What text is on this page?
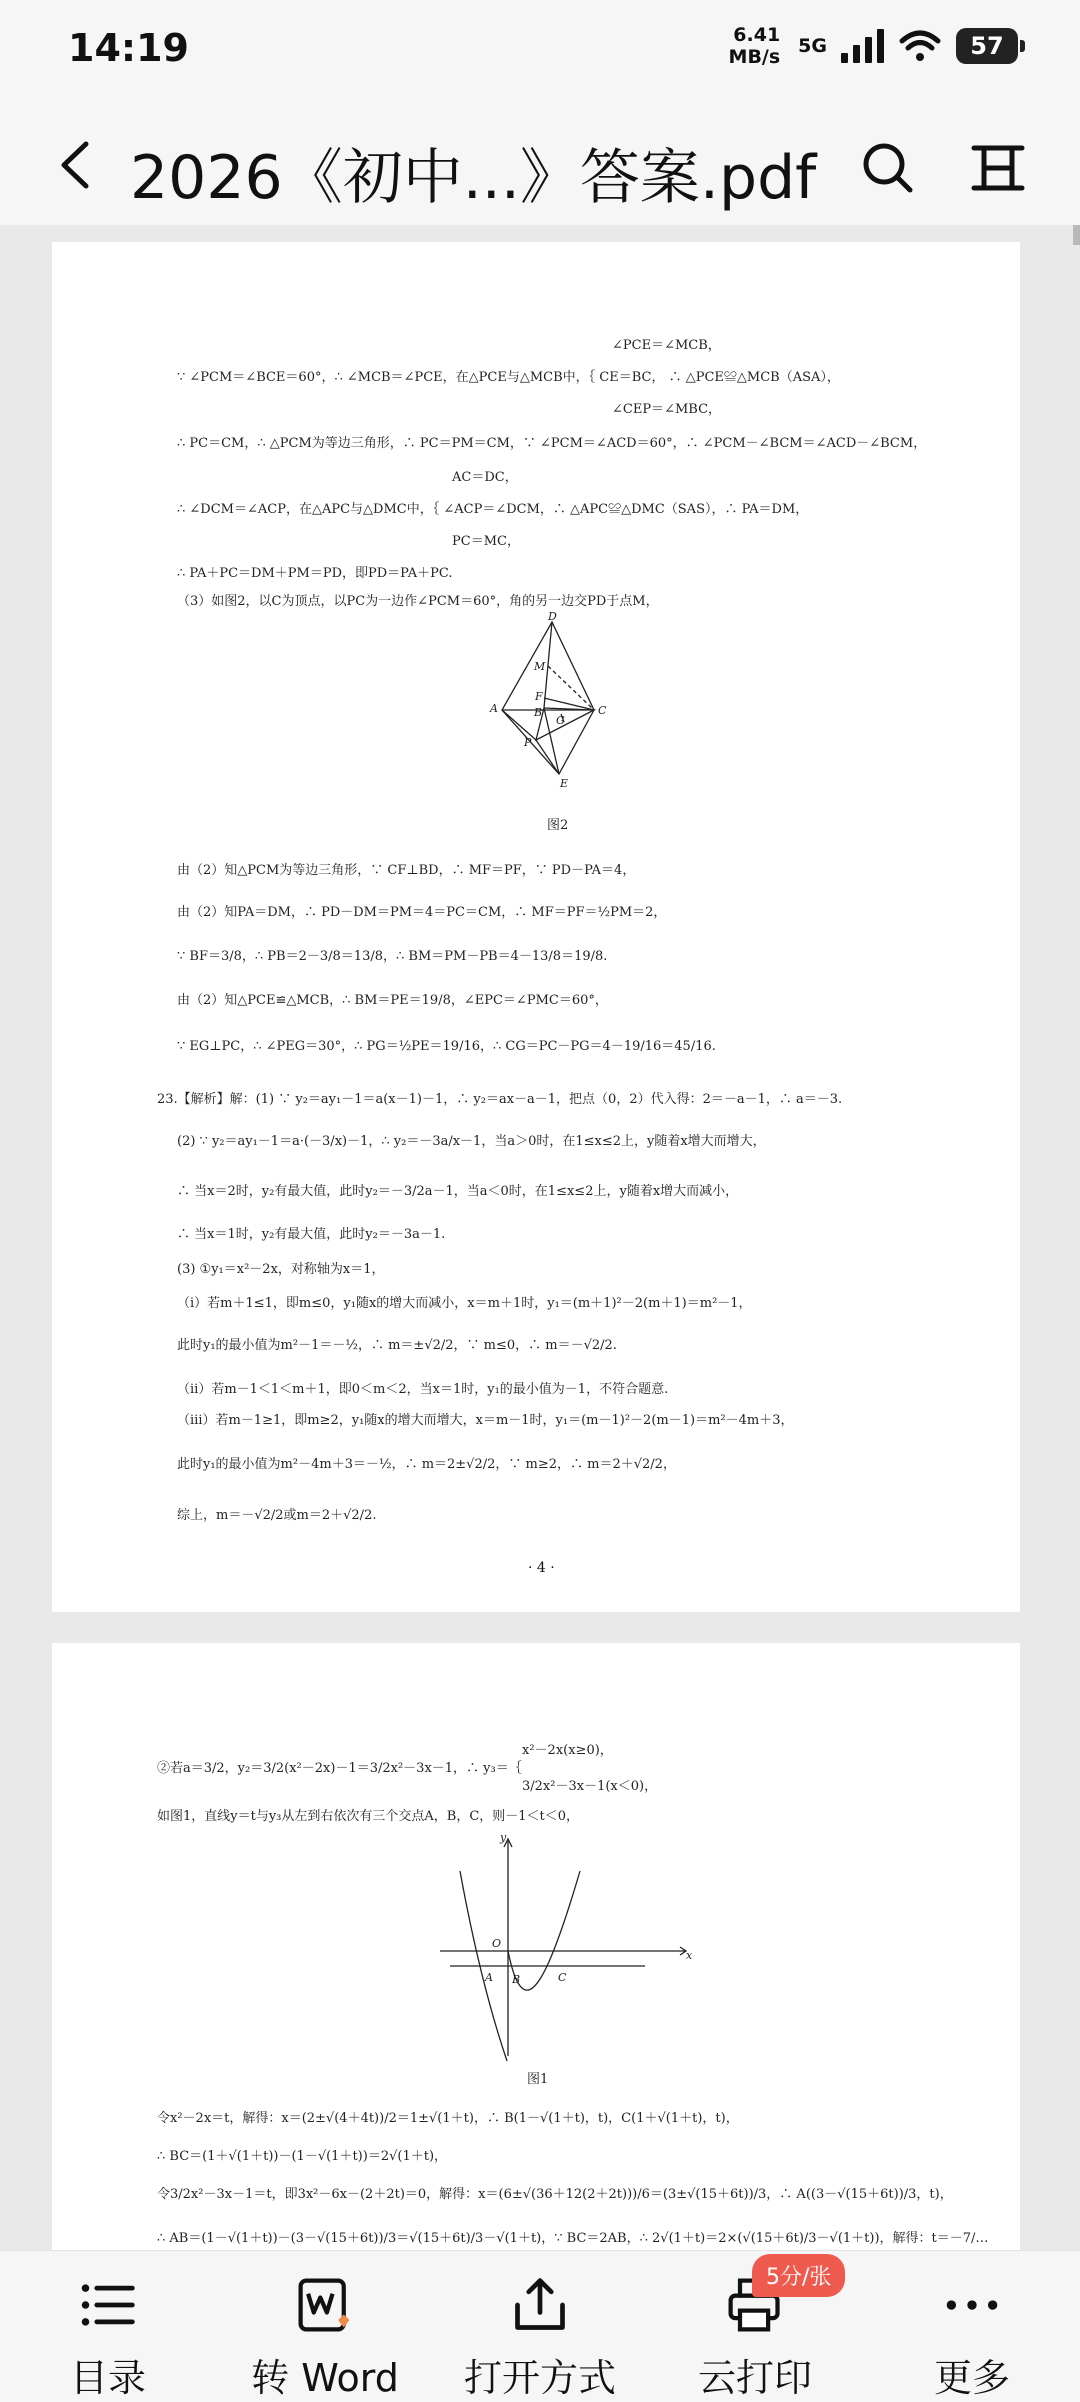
14:19	6.41
MB/s 5G	57
2026《初中...》答案.pdf
∠PCE＝∠MCB，
∵ ∠PCM＝∠BCE＝60°，∴ ∠MCB＝∠PCE，在△PCE与△MCB中，｛ CE＝BC， ∴ △PCE≌△MCB（ASA），
∠CEP＝∠MBC，
∴ PC＝CM，∴ △PCM为等边三角形，∴ PC＝PM＝CM，∵ ∠PCM＝∠ACD＝60°，∴ ∠PCM－∠BCM＝∠ACD－∠BCM，
AC＝DC，
∴ ∠DCM＝∠ACP，在△APC与△DMC中，｛ ∠ACP＝∠DCM，∴ △APC≌△DMC（SAS），∴ PA＝DM，
PC＝MC，
∴ PA＋PC＝DM＋PM＝PD，即PD＝PA＋PC.
（3）如图2，以C为顶点，以PC为一边作∠PCM＝60°，角的另一边交PD于点M，
D
M
F
A	B
G
C
P
E
图2
由（2）知△PCM为等边三角形，∵ CF⊥BD，∴ MF＝PF，∵ PD－PA＝4，
由（2）知PA＝DM，∴ PD－DM＝PM＝4＝PC＝CM，∴ MF＝PF＝½PM＝2，
∵ BF＝3/8，∴ PB＝2－3/8＝13/8，∴ BM＝PM－PB＝4－13/8＝19/8.
由（2）知△PCE≌△MCB，∴ BM＝PE＝19/8，∠EPC＝∠PMC＝60°，
∵ EG⊥PC，∴ ∠PEG＝30°，∴ PG＝½PE＝19/16，∴ CG＝PC－PG＝4－19/16＝45/16.
23.【解析】解：(1) ∵ y₂＝ay₁－1＝a(x－1)－1，∴ y₂＝ax－a－1，把点（0，2）代入得：2＝－a－1，∴ a＝－3.
(2) ∵ y₂＝ay₁－1＝a·(－3/x)－1，∴ y₂＝－3a/x－1，当a＞0时，在1≤x≤2上，y随着x增大而增大，
∴ 当x＝2时，y₂有最大值，此时y₂＝－3/2a－1，当a＜0时，在1≤x≤2上，y随着x增大而减小，
∴ 当x＝1时，y₂有最大值，此时y₂＝－3a－1.
(3) ①y₁＝x²－2x，对称轴为x＝1，
（ⅰ）若m＋1≤1，即m≤0，y₁随x的增大而减小，x＝m＋1时，y₁＝(m＋1)²－2(m＋1)＝m²－1，
此时y₁的最小值为m²－1＝－½，∴ m＝±√2/2，∵ m≤0，∴ m＝－√2/2.
（ⅱ）若m－1＜1＜m＋1，即0＜m＜2，当x＝1时，y₁的最小值为－1，不符合题意.
（ⅲ）若m－1≥1，即m≥2，y₁随x的增大而增大，x＝m－1时，y₁＝(m－1)²－2(m－1)＝m²－4m＋3，
此时y₁的最小值为m²－4m＋3＝－½，∴ m＝2±√2/2，∵ m≥2，∴ m＝2＋√2/2，
综上，m＝－√2/2或m＝2＋√2/2.
· 4 ·
x²－2x(x≥0)，
②若a＝3/2，y₂＝3/2(x²－2x)－1＝3/2x²－3x－1，∴ y₃＝｛
3/2x²－3x－1(x＜0)，
如图1，直线y＝t与y₃从左到右依次有三个交点A，B，C，则－1＜t＜0，
y
O
x
A B	C
图1
令x²－2x＝t，解得：x＝(2±√(4＋4t))/2＝1±√(1＋t)，∴ B(1－√(1＋t)，t)，C(1＋√(1＋t)，t)，
∴ BC＝(1＋√(1＋t))－(1－√(1＋t))＝2√(1＋t)，
令3/2x²－3x－1＝t，即3x²－6x－(2＋2t)＝0，解得：x＝(6±√(36＋12(2＋2t)))/6＝(3±√(15＋6t))/3，∴ A((3－√(15＋6t))/3，t)，
∴ AB＝(1－√(1＋t))－(3－√(15＋6t))/3＝√(15＋6t)/3－√(1＋t)，∵ BC＝2AB，∴ 2√(1＋t)＝2×(√(15＋6t)/3－√(1＋t))，解得：t＝－7/…
目录	转 Word 打开方式 云打印	更多
5分/张
